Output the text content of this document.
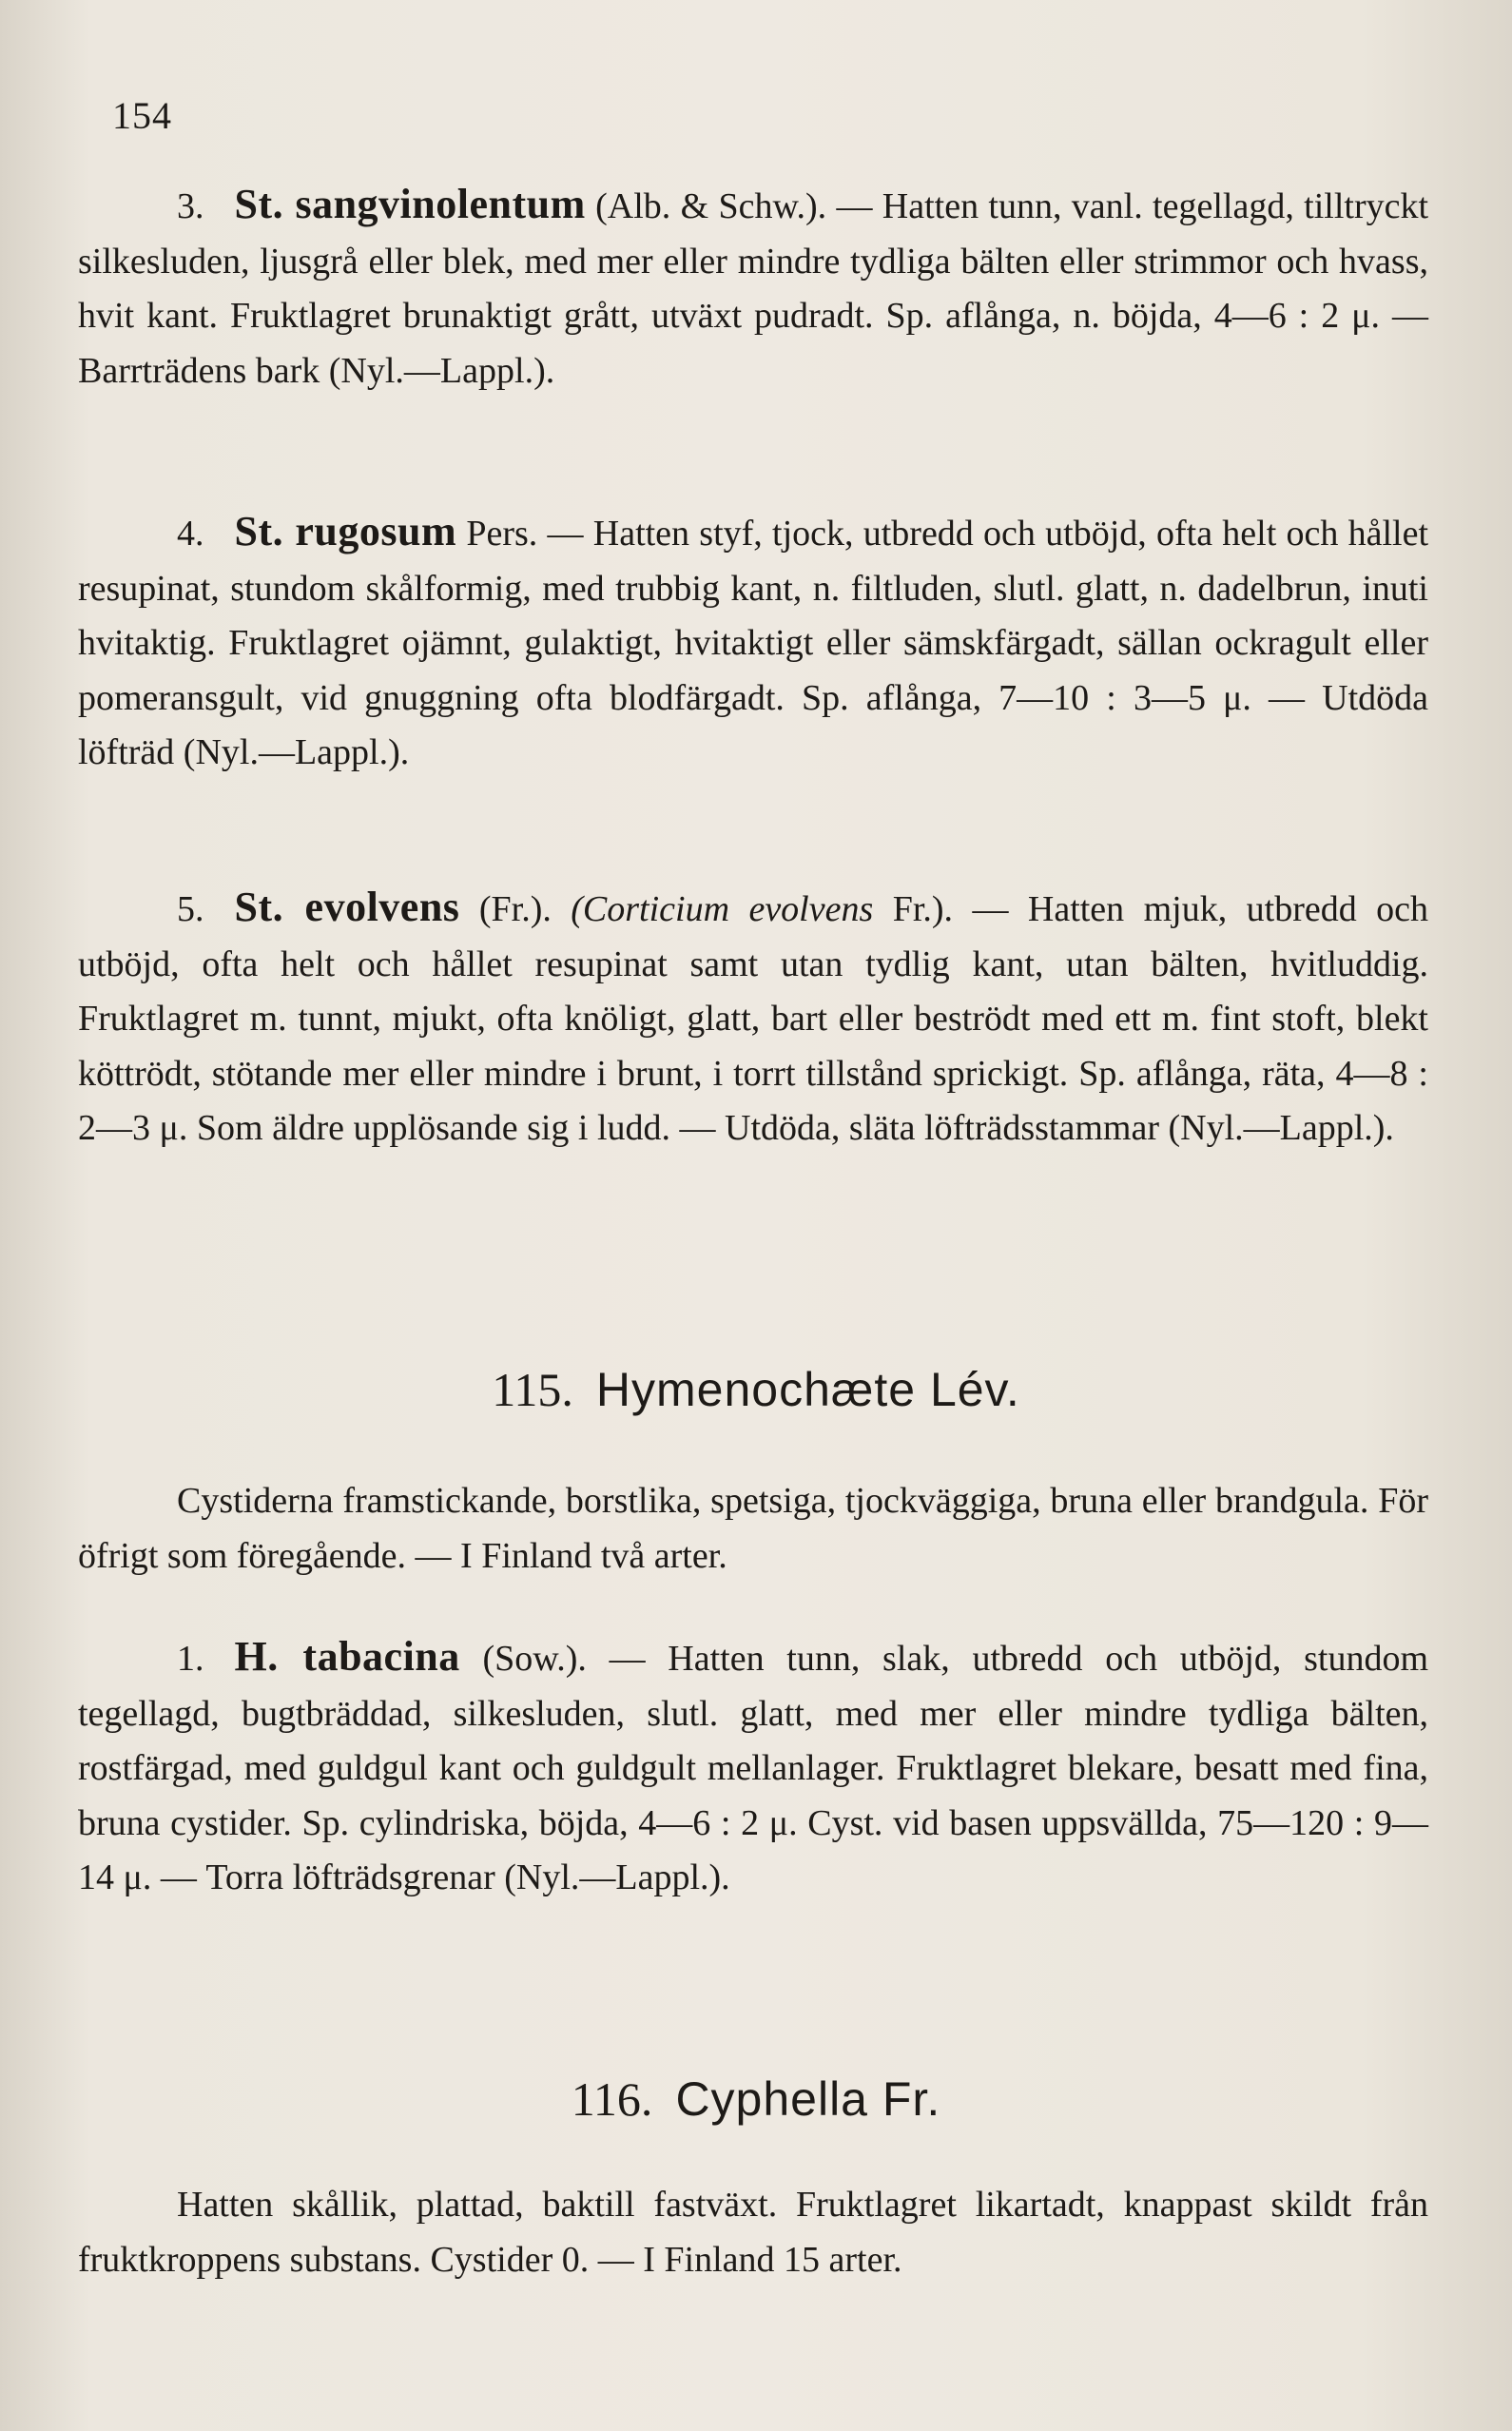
154

3. St. sangvinolentum (Alb. & Schw.). — Hatten tunn, vanl. tegellagd, tilltryckt silkesluden, ljusgrå eller blek, med mer eller mindre tydliga bälten eller strimmor och hvass, hvit kant. Fruktlagret brunaktigt grått, utväxt pudradt. Sp. aflånga, n. böjda, 4—6 : 2 μ. — Barrträdens bark (Nyl.—Lappl.).

4. St. rugosum Pers. — Hatten styf, tjock, utbredd och utböjd, ofta helt och hållet resupinat, stundom skålformig, med trubbig kant, n. filtluden, slutl. glatt, n. dadelbrun, inuti hvitaktig. Fruktlagret ojämnt, gulaktigt, hvitaktigt eller sämskfärgadt, sällan ockragult eller pomeransgult, vid gnuggning ofta blodfärgadt. Sp. aflånga, 7—10 : 3—5 μ. — Utdöda löfträd (Nyl.—Lappl.).

5. St. evolvens (Fr.). (Corticium evolvens Fr.). — Hatten mjuk, utbredd och utböjd, ofta helt och hållet resupinat samt utan tydlig kant, utan bälten, hvitluddig. Fruktlagret m. tunnt, mjukt, ofta knöligt, glatt, bart eller beströdt med ett m. fint stoft, blekt köttrödt, stötande mer eller mindre i brunt, i torrt tillstånd sprickigt. Sp. aflånga, räta, 4—8 : 2—3 μ. Som äldre upplösande sig i ludd. — Utdöda, släta löfträdsstammar (Nyl.—Lappl.).

115. Hymenochæte Lév.

Cystiderna framstickande, borstlika, spetsiga, tjockväggiga, bruna eller brandgula. För öfrigt som föregående. — I Finland två arter.

1. H. tabacina (Sow.). — Hatten tunn, slak, utbredd och utböjd, stundom tegellagd, bugtbräddad, silkesluden, slutl. glatt, med mer eller mindre tydliga bälten, rostfärgad, med guldgul kant och guldgult mellanlager. Fruktlagret blekare, besatt med fina, bruna cystider. Sp. cylindriska, böjda, 4—6 : 2 μ. Cyst. vid basen uppsvällda, 75—120 : 9—14 μ. — Torra löfträdsgrenar (Nyl.—Lappl.).

116. Cyphella Fr.

Hatten skållik, plattad, baktill fastväxt. Fruktlagret likartadt, knappast skildt från fruktkroppens substans. Cystider 0. — I Finland 15 arter.
